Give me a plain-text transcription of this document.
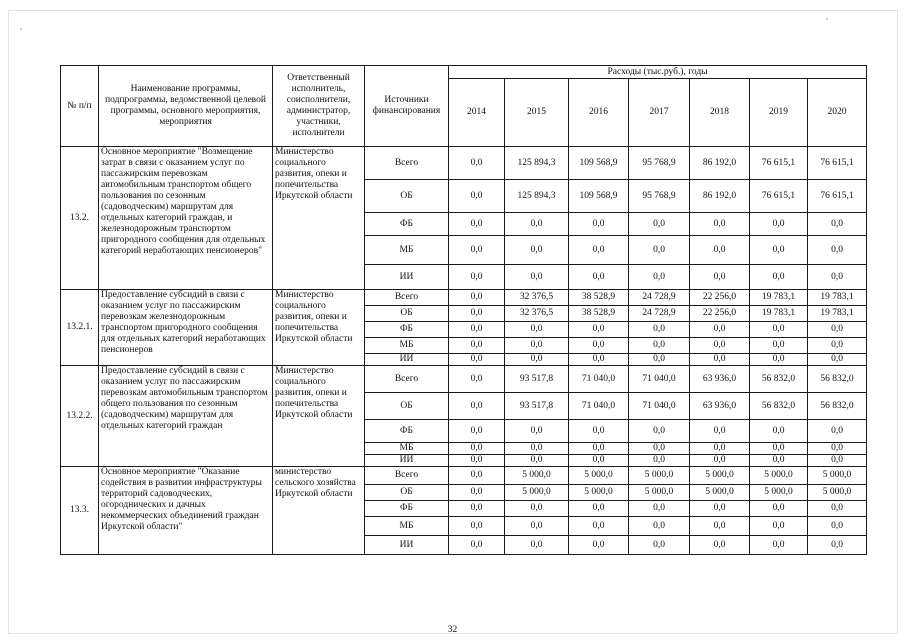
№ п/п	Наименование программы, подпрограммы, ведомственной целевой программы, основного мероприятия, мероприятия	Ответственный исполнитель, соисполнители, администратор, участники, исполнители	Источники финансирования	Расходы (тыс.руб.), годы						
				2014	2015	2016	2017	2018	2019	2020
13.2.	Основное мероприятие "Возмещение затрат в связи с оказанием услуг по пассажирским перевозкам автомобильным транспортом общего пользования по сезонным (садоводческим) маршрутам для отдельных категорий граждан, и железнодорожным транспортом пригородного сообщения для отдельных категорий неработающих пенсионеров"	Министерство социального развития, опеки и попечительства Иркутской области	Всего	0,0	125 894,3	109 568,9	95 768,9	86 192,0	76 615,1	76 615,1
			ОБ	0,0	125 894,3	109 568,9	95 768,9	86 192,0	76 615,1	76 615,1
			ФБ	0,0	0,0	0,0	0,0	0,0	0,0	0,0
			МБ	0,0	0,0	0,0	0,0	0,0	0,0	0,0
			ИИ	0,0	0,0	0,0	0,0	0,0	0,0	0,0
13.2.1.	Предоставление субсидий в связи с оказанием услуг по пассажирским перевозкам железнодорожным транспортом пригородного сообщения для отдельных категорий неработающих пенсионеров	Министерство социального развития, опеки и попечительства Иркутской области	Всего	0,0	32 376,5	38 528,9	24 728,9	22 256,0	19 783,1	19 783,1
			ОБ	0,0	32 376,5	38 528,9	24 728,9	22 256,0	19 783,1	19 783,1
			ФБ	0,0	0,0	0,0	0,0	0,0	0,0	0,0
			МБ	0,0	0,0	0,0	0,0	0,0	0,0	0,0
			ИИ	0,0	0,0	0,0	0,0	0,0	0,0	0,0
13.2.2.	Предоставление субсидий в связи с оказанием услуг по пассажирским перевозкам автомобильным транспортом общего пользования по сезонным (садоводческим) маршрутам для отдельных категорий граждан	Министерство социального развития, опеки и попечительства Иркутской области	Всего	0,0	93 517,8	71 040,0	71 040,0	63 936,0	56 832,0	56 832,0
			ОБ	0,0	93 517,8	71 040,0	71 040,0	63 936,0	56 832,0	56 832,0
			ФБ	0,0	0,0	0,0	0,0	0,0	0,0	0,0
			МБ	0,0	0,0	0,0	0,0	0,0	0,0	0,0
			ИИ	0,0	0,0	0,0	0,0	0,0	0,0	0,0
13.3.	Основное мероприятие "Оказание содействия в развитии инфраструктуры территорий садоводческих, огороднических и дачных некоммерческих объединений граждан Иркутской области"	министерство сельского хозяйства Иркутской области	Всего	0,0	5 000,0	5 000,0	5 000,0	5 000,0	5 000,0	5 000,0
			ОБ	0,0	5 000,0	5 000,0	5 000,0	5 000,0	5 000,0	5 000,0
			ФБ	0,0	0,0	0,0	0,0	0,0	0,0	0,0
			МБ	0,0	0,0	0,0	0,0	0,0	0,0	0,0
			ИИ	0,0	0,0	0,0	0,0	0,0	0,0	0,0
32
